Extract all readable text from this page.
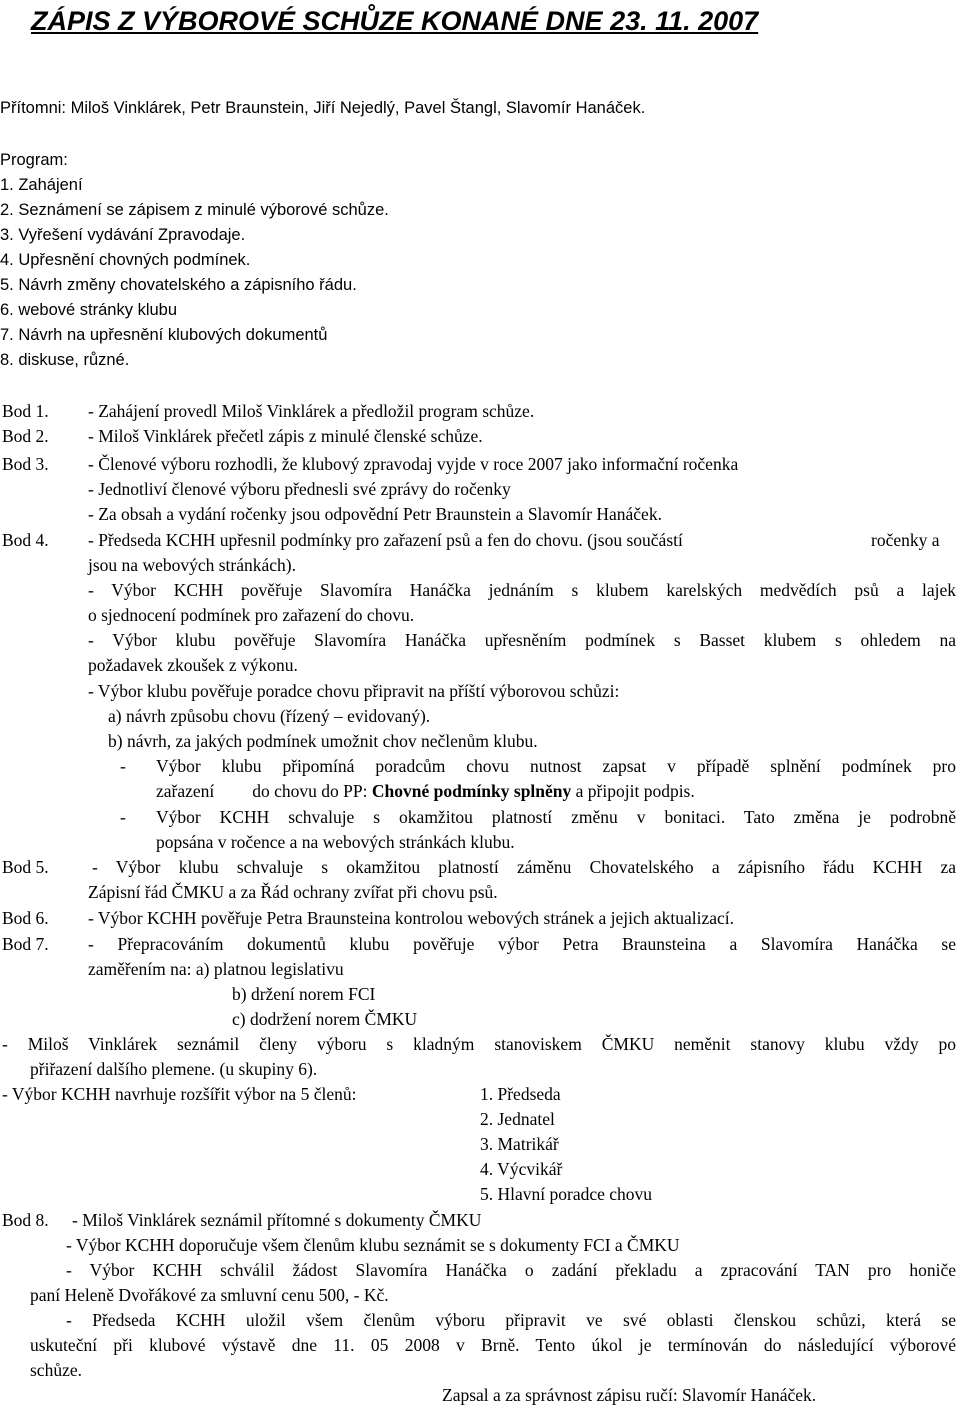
ZÁPIS Z VÝBOROVÉ SCHŮZE KONANÉ DNE 23. 11. 2007
Přítomni: Miloš Vinklárek, Petr Braunstein, Jiří Nejedlý, Pavel Štangl, Slavomír Hanáček.
Program:
1. Zahájení
2. Seznámení se zápisem z minulé výborové schůze.
3. Vyřešení vydávání Zpravodaje.
4. Upřesnění chovných podmínek.
5. Návrh změny chovatelského a zápisního řádu.
6. webové stránky klubu
7. Návrh na upřesnění klubových dokumentů
8. diskuse, různé.
Bod 1. - Zahájení provedl Miloš Vinklárek a předložil program schůze.
Bod 2. - Miloš Vinklárek přečetl zápis z minulé členské schůze.
Bod 3. - Členové výboru rozhodli, že klubový zpravodaj vyjde v roce 2007 jako informační ročenka
- Jednotliví členové výboru přednesli své zprávy do ročenky
- Za obsah a vydání ročenky jsou odpovědní Petr Braunstein a Slavomír Hanáček.
Bod 4. - Předseda KCHH upřesnil podmínky pro zařazení psů a fen do chovu. (jsou součástí	ročenky a
jsou na webových stránkách).
- Výbor KCHH pověřuje Slavomíra Hanáčka jednáním s klubem karelských medvědích psů a lajek
o sjednocení podmínek pro zařazení do chovu.
- Výbor klubu pověřuje Slavomíra Hanáčka upřesněním podmínek s Basset klubem s ohledem na
požadavek zkoušek z výkonu.
- Výbor klubu pověřuje poradce chovu připravit na příští výborovou schůzi:
a) návrh způsobu chovu (řízený – evidovaný).
b) návrh, za jakých podmínek umožnit chov nečlenům klubu.
- Výbor klubu připomíná poradcům chovu nutnost zapsat v případě splnění podmínek pro
zařazení do chovu do PP: Chovné podmínky splněny a připojit podpis.
- Výbor KCHH schvaluje s okamžitou platností změnu v bonitaci. Tato změna je podrobně
popsána v ročence a na webových stránkách klubu.
Bod 5. - Výbor klubu schvaluje s okamžitou platností záměnu Chovatelského a zápisního řádu KCHH za
Zápisní řád ČMKU a za Řád ochrany zvířat při chovu psů.
Bod 6. - Výbor KCHH pověřuje Petra Braunsteina kontrolou webových stránek a jejich aktualizací.
Bod 7. - Přepracováním dokumentů klubu pověřuje výbor Petra Braunsteina a Slavomíra Hanáčka se
zaměřením na: a) platnou legislativu
b) držení norem FCI
c) dodržení norem ČMKU
- Miloš Vinklárek seznámil členy výboru s kladným stanoviskem ČMKU neměnit stanovy klubu vždy po
přiřazení dalšího plemene. (u skupiny 6).
- Výbor KCHH navrhuje rozšířit výbor na 5 členů:	1. Předseda
2. Jednatel
3. Matrikář
4. Výcvikář
5. Hlavní poradce chovu
Bod 8. - Miloš Vinklárek seznámil přítomné s dokumenty ČMKU
- Výbor KCHH doporučuje všem členům klubu seznámit se s dokumenty FCI a ČMKU
- Výbor KCHH schválil žádost Slavomíra Hanáčka o zadání překladu a zpracování TAN pro honiče
paní Heleně Dvořákové za smluvní cenu 500, - Kč.
- Předseda KCHH uložil všem členům výboru připravit ve své oblasti členskou schůzi, která se
uskuteční při klubové výstavě dne 11. 05 2008 v Brně. Tento úkol je termínován do následující výborové
schůze.
Zapsal a za správnost zápisu ručí: Slavomír Hanáček.
